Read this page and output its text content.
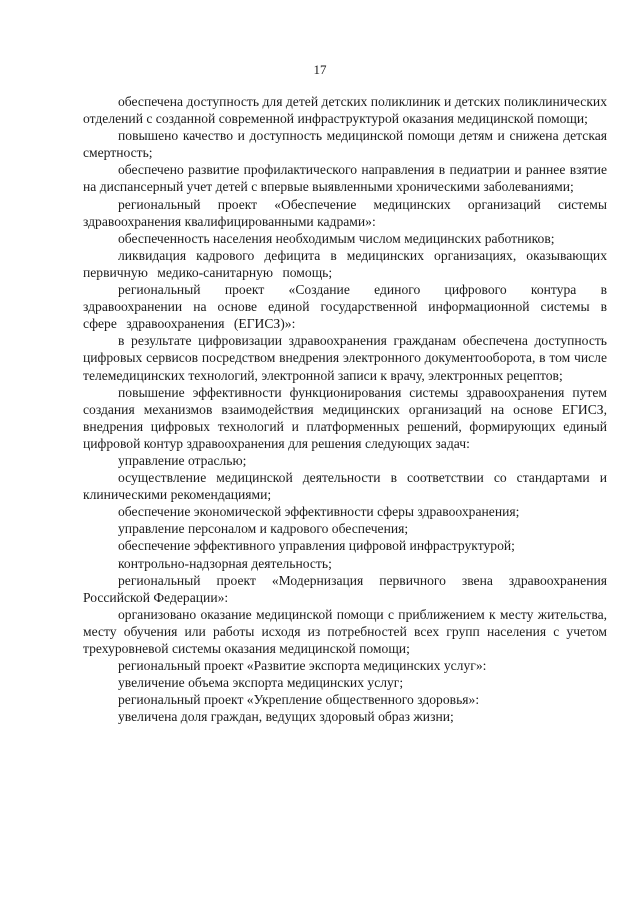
17

обеспечена доступность для детей детских поликлиник и детских поликлинических отделений с созданной современной инфраструктурой оказания медицинской помощи;

повышено качество и доступность медицинской помощи детям и снижена детская смертность;

обеспечено развитие профилактического направления в педиатрии и раннее взятие на диспансерный учет детей с впервые выявленными хроническими заболеваниями;

региональный проект «Обеспечение медицинских организаций системы здравоохранения квалифицированными кадрами»:

обеспеченность населения необходимым числом медицинских работников;

ликвидация кадрового дефицита в медицинских организациях, оказывающих первичную медико-санитарную помощь;

региональный проект «Создание единого цифрового контура в здравоохранении на основе единой государственной информационной системы в сфере здравоохранения (ЕГИСЗ)»:

в результате цифровизации здравоохранения гражданам обеспечена доступность цифровых сервисов посредством внедрения электронного документооборота, в том числе телемедицинских технологий, электронной записи к врачу, электронных рецептов;

повышение эффективности функционирования системы здравоохранения путем создания механизмов взаимодействия медицинских организаций на основе ЕГИСЗ, внедрения цифровых технологий и платформенных решений, формирующих единый цифровой контур здравоохранения для решения следующих задач:

управление отраслью;

осуществление медицинской деятельности в соответствии со стандартами и клиническими рекомендациями;

обеспечение экономической эффективности сферы здравоохранения;

управление персоналом и кадрового обеспечения;

обеспечение эффективного управления цифровой инфраструктурой;

контрольно-надзорная деятельность;

региональный проект «Модернизация первичного звена здравоохранения Российской Федерации»:

организовано оказание медицинской помощи с приближением к месту жительства, месту обучения или работы исходя из потребностей всех групп населения с учетом трехуровневой системы оказания медицинской помощи;

региональный проект «Развитие экспорта медицинских услуг»:

увеличение объема экспорта медицинских услуг;

региональный проект «Укрепление общественного здоровья»:

увеличена доля граждан, ведущих здоровый образ жизни;
